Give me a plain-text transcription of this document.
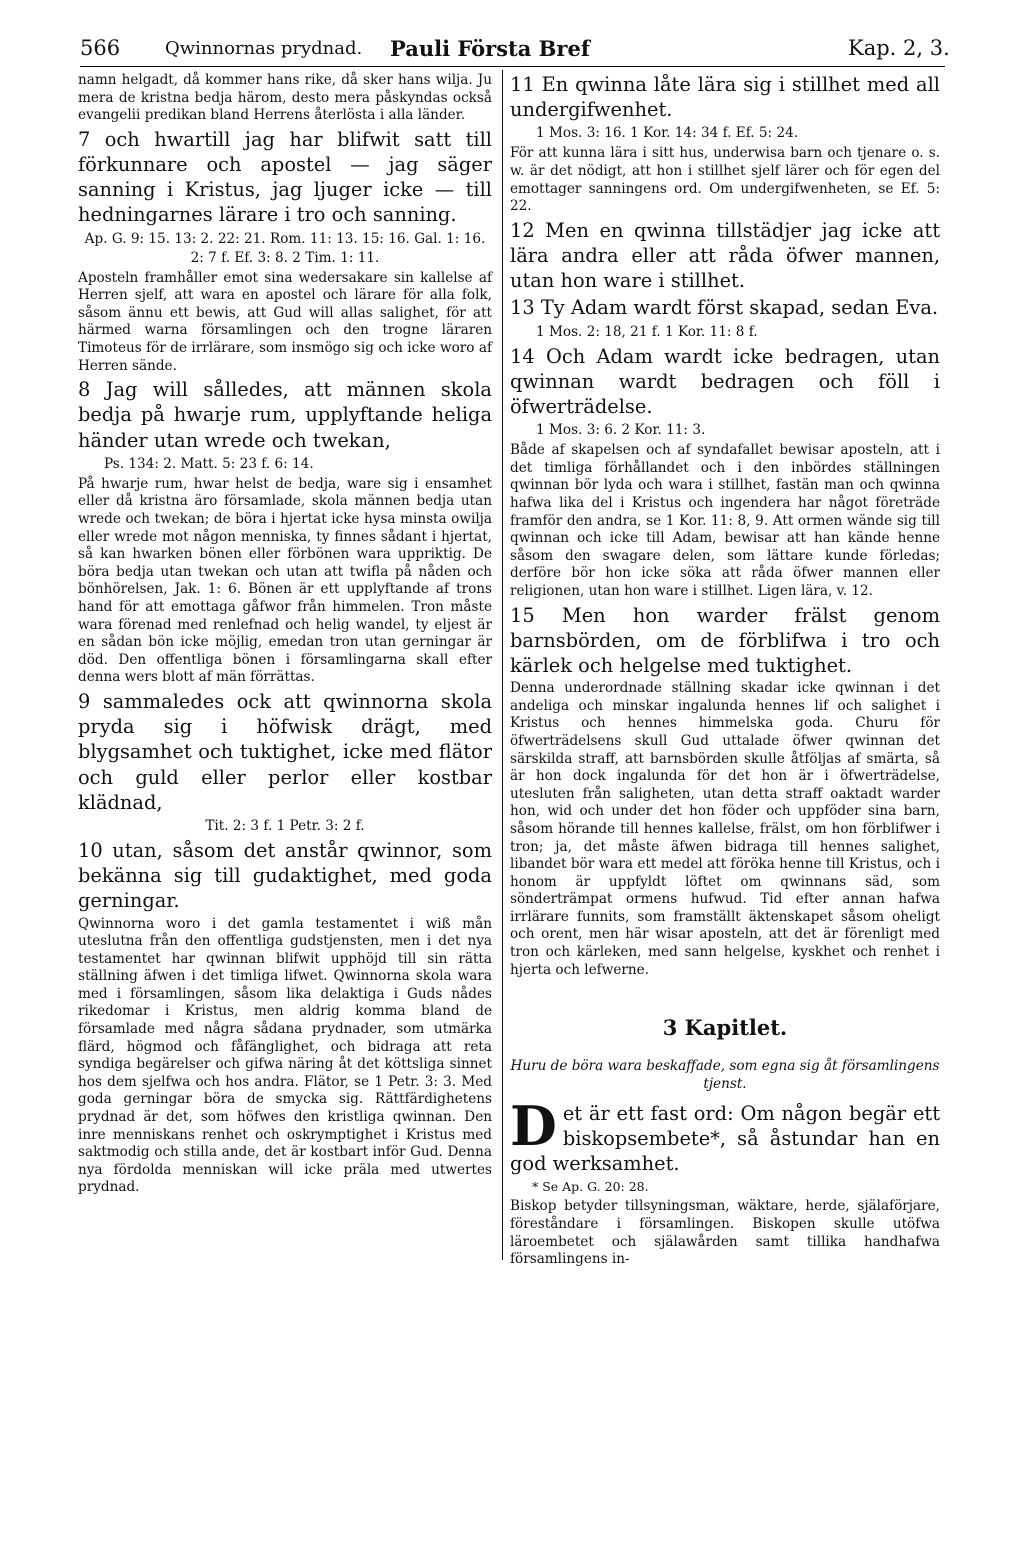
566 Qwinnornas prydnad. Pauli Första Bref	Kap. 2, 3.

namn helgadt, då kommer hans rike, då sker hans wilja. Ju mera de kristna bedja härom, desto mera påskyndas också evangelii predikan bland Herrens återlösta i alla länder.

7 och hwartill jag har blifwit satt till förkunnare och apostel — jag säger sanning i Kristus, jag ljuger icke — till hedningarnes lärare i tro och sanning.

Ap. G. 9: 15. 13: 2. 22: 21. Rom. 11: 13. 15: 16. Gal. 1: 16. 2: 7 f. Ef. 3: 8. 2 Tim. 1: 11.

Aposteln framhåller emot sina wedersakare sin kallelse af Herren sjelf, att wara en apostel och lärare för alla folk, såsom ännu ett bewis, att Gud will allas salighet, för att härmed warna församlingen och den trogne läraren Timoteus för de irrlärare, som insmögo sig och icke woro af Herren sände.

8 Jag will sålledes, att männen skola bedja på hwarje rum, upplyftande heliga händer utan wrede och twekan,

Ps. 134: 2. Matt. 5: 23 f. 6: 14.

På hwarje rum, hwar helst de bedja, ware sig i ensamhet eller då kristna äro församlade, skola männen bedja utan wrede och twekan; de böra i hjertat icke hysa minsta owilja eller wrede mot någon menniska, ty finnes sådant i hjertat, så kan hwarken bönen eller förbönen wara uppriktig. De böra bedja utan twekan och utan att twifla på nåden och bönhörelsen, Jak. 1: 6. Bönen är ett upplyftande af trons hand för att emottaga gåfwor från himmelen. Tron måste wara förenad med renlefnad och helig wandel, ty eljest är en sådan bön icke möjlig, emedan tron utan gerningar är död. Den offentliga bönen i församlingarna skall efter denna wers blott af män förrättas.

9 sammaledes ock att qwinnorna skola pryda sig i höfwisk drägt, med blygsamhet och tuktighet, icke med flätor och guld eller perlor eller kostbar klädnad,

Tit. 2: 3 f. 1 Petr. 3: 2 f.

10 utan, såsom det anstår qwinnor, som bekänna sig till gudaktighet, med goda gerningar.

Qwinnorna woro i det gamla testamentet i wiß mån uteslutna från den offentliga gudstjensten, men i det nya testamentet har qwinnan blifwit upphöjd till sin rätta ställning äfwen i det timliga lifwet. Qwinnorna skola wara med i församlingen, såsom lika delaktiga i Guds nådes rikedomar i Kristus, men aldrig komma bland de församlade med några sådana prydnader, som utmärka flärd, högmod och fåfänglighet, och bidraga att reta syndiga begärelser och gifwa näring åt det köttsliga sinnet hos dem sjelfwa och hos andra. Flätor, se 1 Petr. 3: 3. Med goda gerningar böra de smycka sig. Rättfärdighetens prydnad är det, som höfwes den kristliga qwinnan. Den inre menniskans renhet och oskrymptighet i Kristus med saktmodig och stilla ande, det är kostbart inför Gud. Denna nya fördolda menniskan will icke präla med utwertes prydnad.

11 En qwinna låte lära sig i stillhet med all undergifwenhet.

1 Mos. 3: 16. 1 Kor. 14: 34 f. Ef. 5: 24.

För att kunna lära i sitt hus, underwisa barn och tjenare o. s. w. är det nödigt, att hon i stillhet sjelf lärer och för egen del emottager sanningens ord. Om undergifwenheten, se Ef. 5: 22.

12 Men en qwinna tillstädjer jag icke att lära andra eller att råda öfwer mannen, utan hon ware i stillhet.

13 Ty Adam wardt först skapad, sedan Eva.

1 Mos. 2: 18, 21 f. 1 Kor. 11: 8 f.

14 Och Adam wardt icke bedragen, utan qwinnan wardt bedragen och föll i öfwerträdelse.

1 Mos. 3: 6. 2 Kor. 11: 3.

Både af skapelsen och af syndafallet bewisar aposteln, att i det timliga förhållandet och i den inbördes ställningen qwinnan bör lyda och wara i stillhet, fastän man och qwinna hafwa lika del i Kristus och ingendera har något företräde framför den andra, se 1 Kor. 11: 8, 9. Att ormen wände sig till qwinnan och icke till Adam, bewisar att han kände henne såsom den swagare delen, som lättare kunde förledas; derföre bör hon icke söka att råda öfwer mannen eller religionen, utan hon ware i stillhet. Ligen lära, v. 12.

15 Men hon warder frälst genom barnsbörden, om de förblifwa i tro och kärlek och helgelse med tuktighet.

Denna underordnade ställning skadar icke qwinnan i det andeliga och minskar ingalunda hennes lif och salighet i Kristus och hennes himmelska goda. Churu för öfwerträdelsens skull Gud uttalade öfwer qwinnan det särskilda straff, att barnsbörden skulle åtföljas af smärta, så är hon dock ingalunda för det hon är i öfwerträdelse, utesluten från saligheten, utan detta straff oaktadt warder hon, wid och under det hon föder och uppföder sina barn, såsom hörande till hennes kallelse, frälst, om hon förblifwer i tron; ja, det måste äfwen bidraga till hennes salighet, libandet bör wara ett medel att föröka henne till Kristus, och i honom är uppfyldt löftet om qwinnans säd, som sönderträmpat ormens hufwud. Tid efter annan hafwa irrlärare funnits, som framställt äktenskapet såsom oheligt och orent, men här wisar aposteln, att det är förenligt med tron och kärleken, med sann helgelse, kyskhet och renhet i hjerta och lefwerne.

3 Kapitlet.

Huru de böra wara beskaffade, som egna sig åt församlingens tjenst.

Det är ett fast ord: Om någon begär ett biskopsembete*, så åstundar han en god werksamhet.

* Se Ap. G. 20: 28.

Biskop betyder tillsyningsman, wäktare, herde, själaförjare, föreståndare i församlingen. Biskopen skulle utöfwa läroembetet och själawården samt tillika handhafwa församlingens in-
